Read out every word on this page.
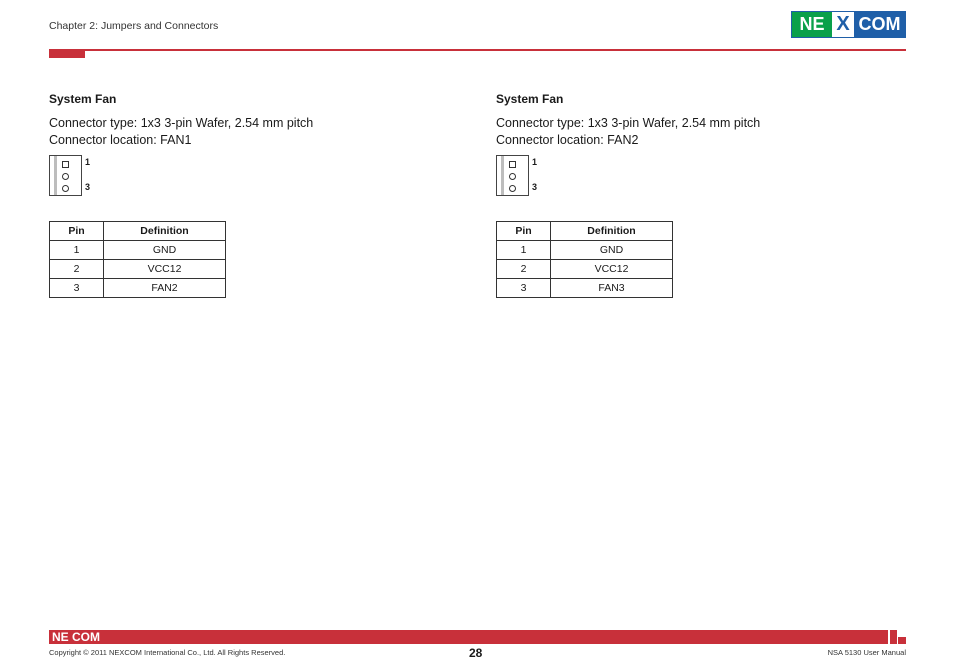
Chapter 2: Jumpers and Connectors	NE X COM
System Fan
Connector type: 1x3 3-pin Wafer, 2.54 mm pitch
Connector location: FAN1
1
3
Pin	Definition
1	GND
2	VCC12
3	FAN2
System Fan
Connector type: 1x3 3-pin Wafer, 2.54 mm pitch
Connector location: FAN2
1
3
Pin	Definition
1	GND
2	VCC12
3	FAN3
NE COM
Copyright © 2011 NEXCOM International Co., Ltd. All Rights Reserved.	28	NSA 5130 User Manual
